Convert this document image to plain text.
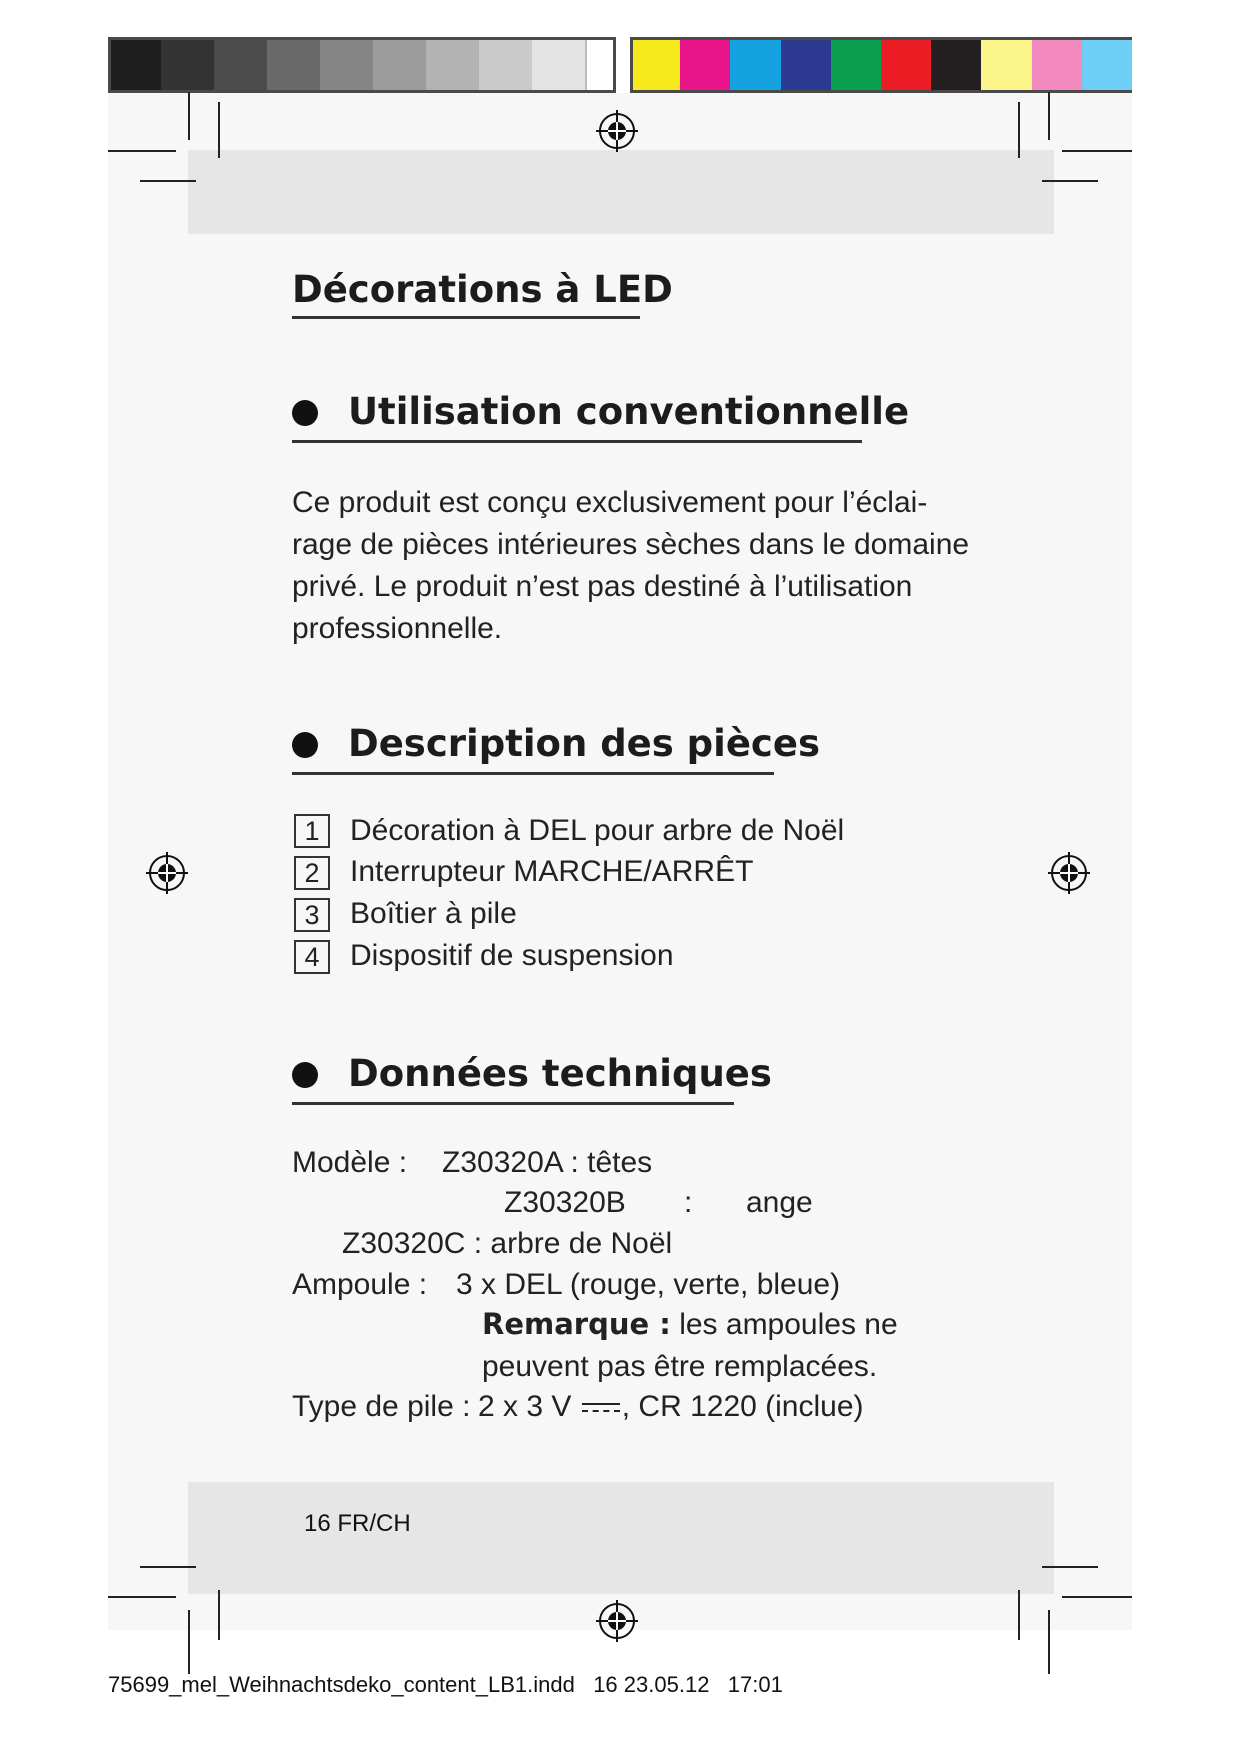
Décorations à LED
Utilisation conventionnelle
Ce produit est conçu exclusivement pour l’éclai-
rage de pièces intérieures sèches dans le domaine
privé. Le produit n’est pas destiné à l’utilisation
professionnelle.
Description des pièces
1	Décoration à DEL pour arbre de Noël
2	Interrupteur MARCHE/ARRÊT
3	Boîtier à pile
4	Dispositif de suspension
Données techniques
Modèle : Z30320A : têtes
Z30320B : ange
Z30320C : arbre de Noël
Ampoule : 3 x DEL (rouge, verte, bleue)
Remarque : les ampoules ne
peuvent pas être remplacées.
Type de pile : 2 x 3 V , CR 1220 (inclue)
16 FR/CH
75699_mel_Weihnachtsdeko_content_LB1.indd 16 23.05.12 17:01
